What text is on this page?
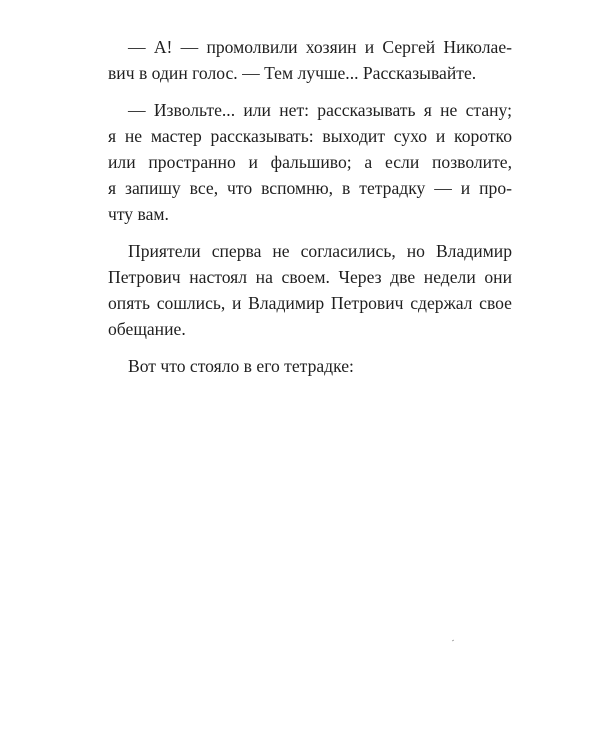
— А! — промолвили хозяин и Сергей Николае-
вич в один голос. — Тем лучше... Рассказывайте.

— Извольте... или нет: рассказывать я не стану;
я не мастер рассказывать: выходит сухо и коротко
или пространно и фальшиво; а если позволите,
я запишу все, что вспомню, в тетрадку — и про-
чту вам.

Приятели сперва не согласились, но Владимир
Петрович настоял на своем. Через две недели они
опять сошлись, и Владимир Петрович сдержал свое
обещание.

Вот что стояло в его тетрадке:
